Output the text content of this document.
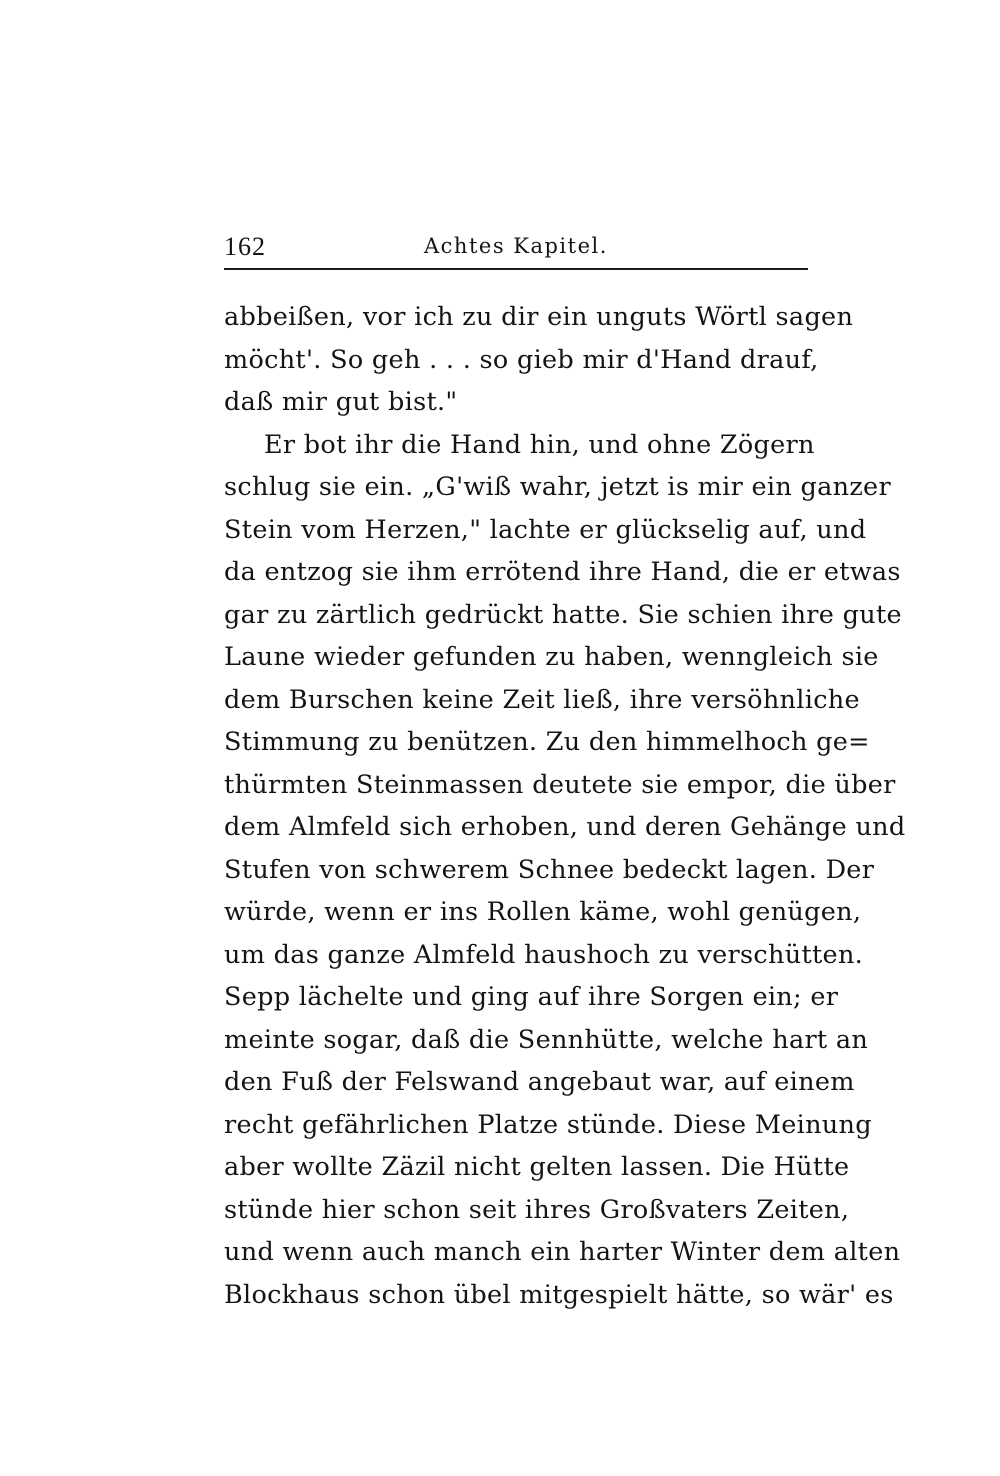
162	Achtes Kapitel.
abbeißen, vor ich zu dir ein unguts Wörtl sagen
möcht'. So geh . . . so gieb mir d'Hand drauf,
daß mir gut bist."
Er bot ihr die Hand hin, und ohne Zögern
schlug sie ein. „G'wiß wahr, jetzt is mir ein ganzer
Stein vom Herzen," lachte er glückselig auf, und
da entzog sie ihm errötend ihre Hand, die er etwas
gar zu zärtlich gedrückt hatte. Sie schien ihre gute
Laune wieder gefunden zu haben, wenngleich sie
dem Burschen keine Zeit ließ, ihre versöhnliche
Stimmung zu benützen. Zu den himmelhoch ge=
thürmten Steinmassen deutete sie empor, die über
dem Almfeld sich erhoben, und deren Gehänge und
Stufen von schwerem Schnee bedeckt lagen. Der
würde, wenn er ins Rollen käme, wohl genügen,
um das ganze Almfeld haushoch zu verschütten.
Sepp lächelte und ging auf ihre Sorgen ein; er
meinte sogar, daß die Sennhütte, welche hart an
den Fuß der Felswand angebaut war, auf einem
recht gefährlichen Platze stünde. Diese Meinung
aber wollte Zäzil nicht gelten lassen. Die Hütte
stünde hier schon seit ihres Großvaters Zeiten,
und wenn auch manch ein harter Winter dem alten
Blockhaus schon übel mitgespielt hätte, so wär' es
